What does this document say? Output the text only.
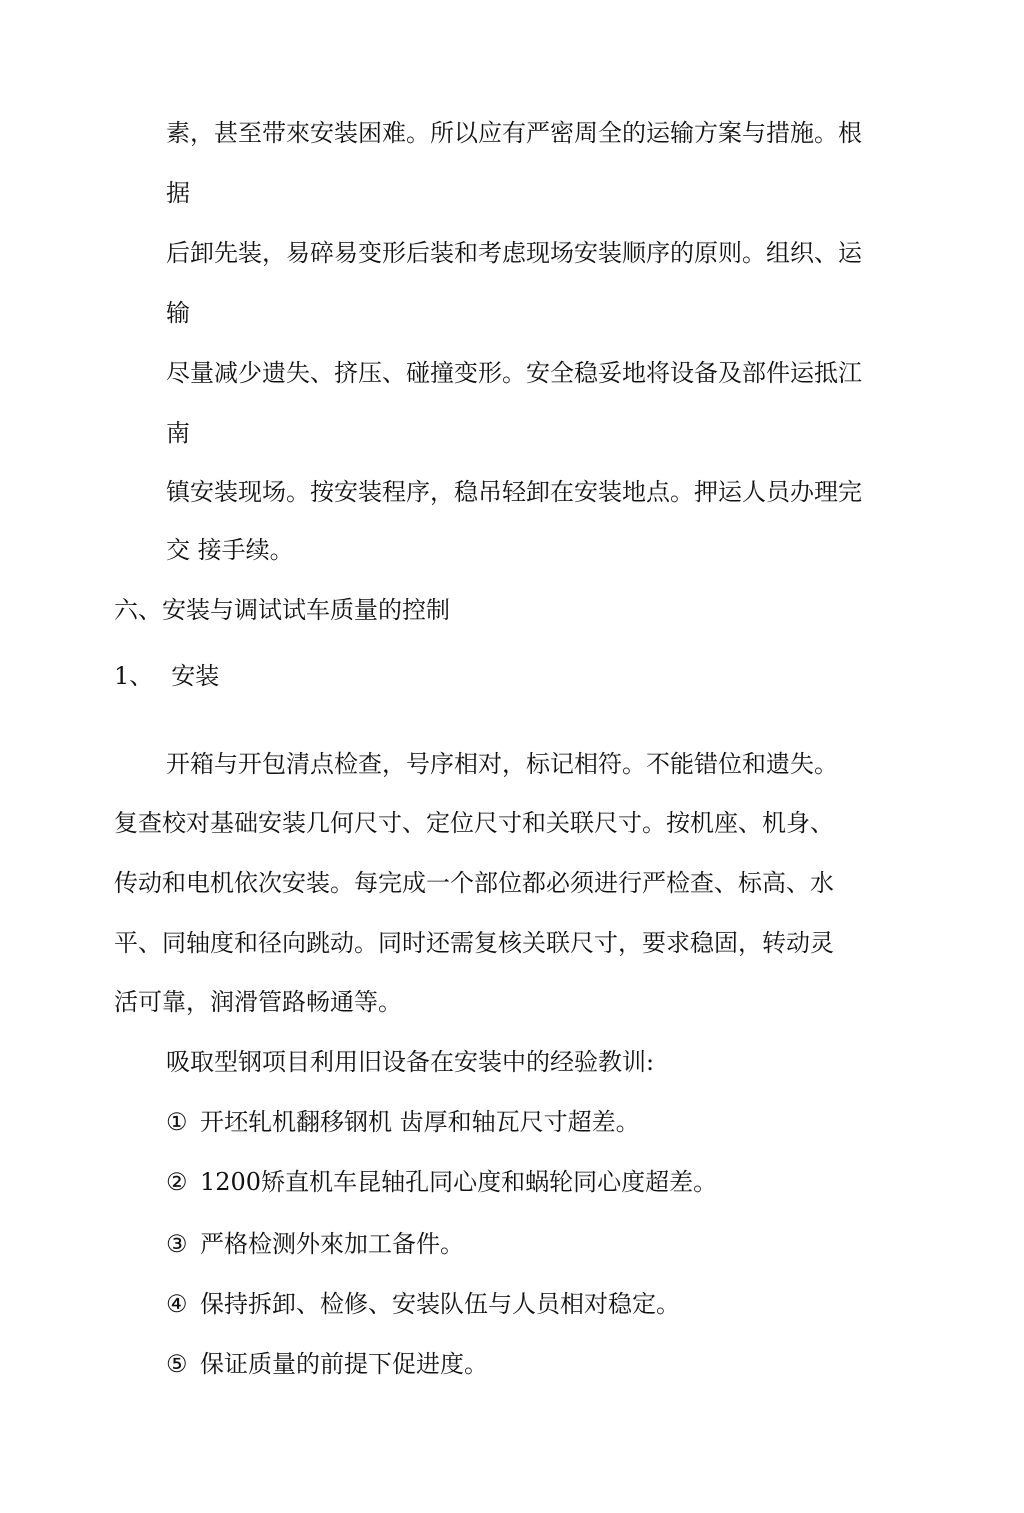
素，甚至带來安装困难。所以应有严密周全的运输方案与措施。根

据

后卸先装，易碎易变形后装和考虑现场安装顺序的原则。组织、运

输

尽量减少遗失、挤压、碰撞变形。安全稳妥地将设备及部件运抵江

南

镇安装现场。按安装程序，稳吊轻卸在安装地点。押运人员办理完

交 接手续。

六、安装与调试试车质量的控制
1、 安装

开箱与开包清点检查，号序相对，标记相符。不能错位和遗失。

复查校对基础安装几何尺寸、定位尺寸和关联尺寸。按机座、机身、

传动和电机依次安装。每完成一个部位都必须进行严检查、标高、水

平、同轴度和径向跳动。同时还需复核关联尺寸，要求稳固，转动灵

活可靠，润滑管路畅通等。

吸取型钢项目利用旧设备在安装中的经验教训:

① 开坯轧机翻移钢机 齿厚和轴瓦尺寸超差。

② 1200矫直机车昆轴孔同心度和蜗轮同心度超差。

③ 严格检测外來加工备件。

④ 保持拆卸、检修、安装队伍与人员相对稳定。

⑤ 保证质量的前提下促进度。
